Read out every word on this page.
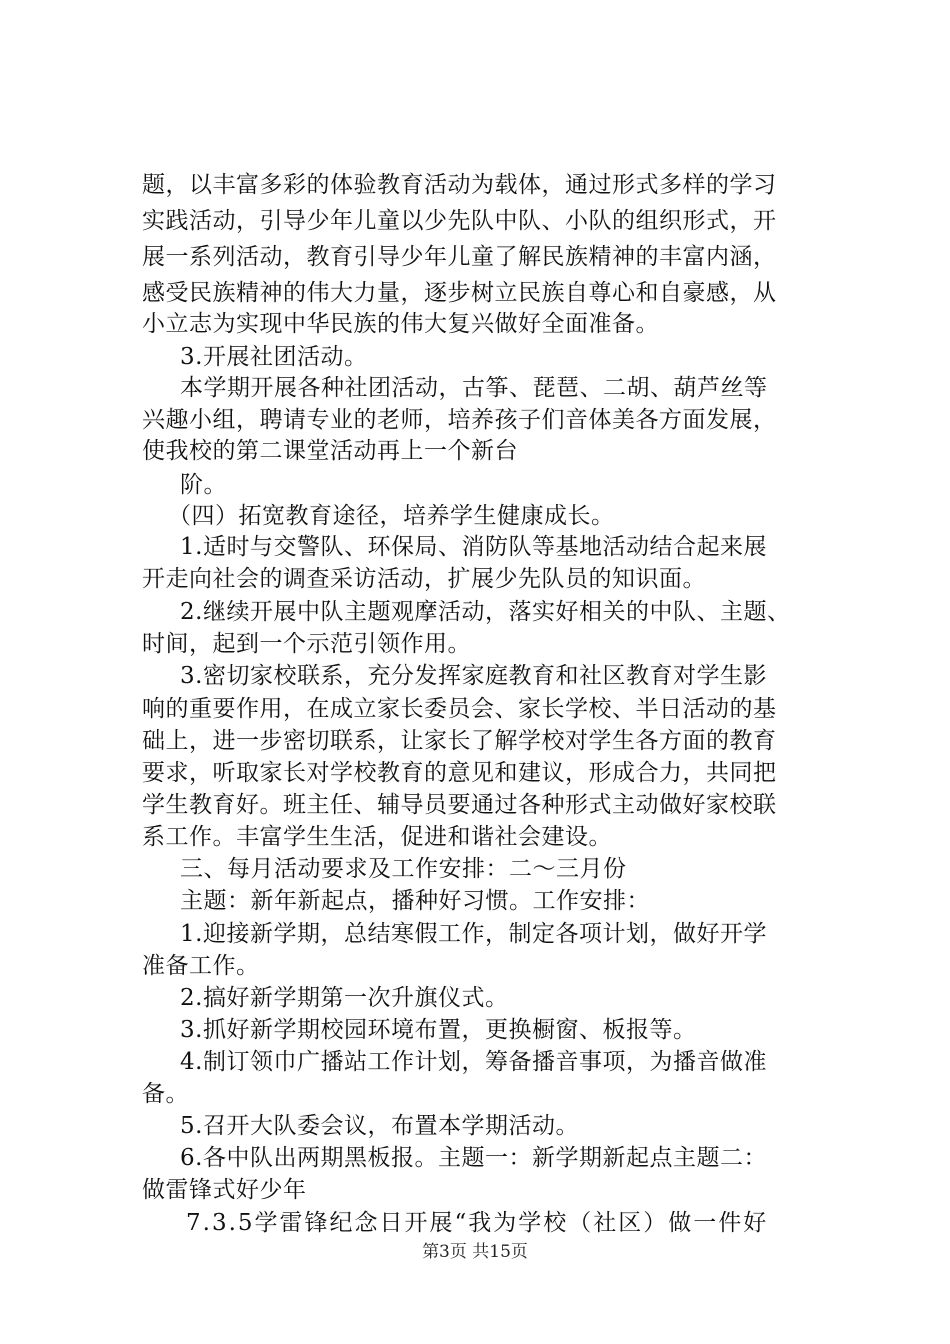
题，以丰富多彩的体验教育活动为载体，通过形式多样的学习
实践活动，引导少年儿童以少先队中队、小队的组织形式，开
展一系列活动，教育引导少年儿童了解民族精神的丰富内涵，
感受民族精神的伟大力量，逐步树立民族自尊心和自豪感，从
小立志为实现中华民族的伟大复兴做好全面准备。
3.开展社团活动。
本学期开展各种社团活动，古筝、琵琶、二胡、葫芦丝等
兴趣小组，聘请专业的老师，培养孩子们音体美各方面发展，
使我校的第二课堂活动再上一个新台
阶。
（四）拓宽教育途径，培养学生健康成长。
1.适时与交警队、环保局、消防队等基地活动结合起来展
开走向社会的调查采访活动，扩展少先队员的知识面。
2.继续开展中队主题观摩活动，落实好相关的中队、主题、
时间，起到一个示范引领作用。
3.密切家校联系，充分发挥家庭教育和社区教育对学生影
响的重要作用，在成立家长委员会、家长学校、半日活动的基
础上，进一步密切联系，让家长了解学校对学生各方面的教育
要求，听取家长对学校教育的意见和建议，形成合力，共同把
学生教育好。班主任、辅导员要通过各种形式主动做好家校联
系工作。丰富学生生活，促进和谐社会建设。
三、每月活动要求及工作安排：二～三月份
主题：新年新起点，播种好习惯。工作安排：
1.迎接新学期，总结寒假工作，制定各项计划，做好开学
准备工作。
2.搞好新学期第一次升旗仪式。
3.抓好新学期校园环境布置，更换橱窗、板报等。
4.制订领巾广播站工作计划，筹备播音事项，为播音做准
备。
5.召开大队委会议，布置本学期活动。
6.各中队出两期黑板报。主题一：新学期新起点主题二：
做雷锋式好少年
7.3.5学雷锋纪念日开展“我为学校（社区）做一件好
第3页 共15页
